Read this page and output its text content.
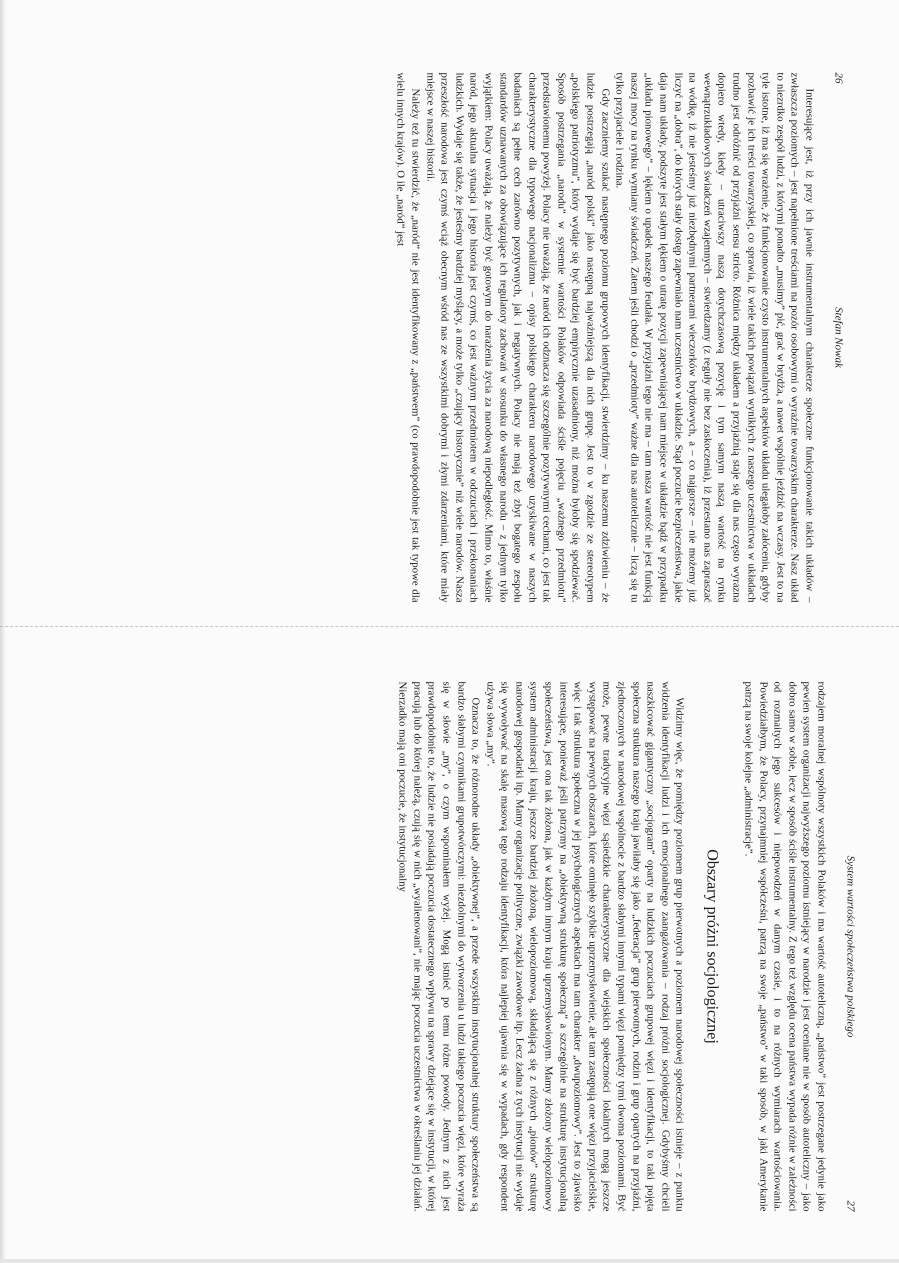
26
Stefan Nowak

Interesujące jest, iż przy ich jawnie instrumentalnym charakterze społeczne funkcjonowanie takich układów – zwłaszcza poziomych – jest napełnione treściami na pozór osobowymi o wyraźnie towarzyskim charakterze. Nasz układ to niezrdko zespół ludzi, z którymi ponadto „musimy” pić, grać w brydża, a nawet wspólnie jeździć na wczasy. Jest to na tyle istotne, iż ma się wrażenie, że funkcjonowanie czysto instrumentalnych aspektów układu ulegałoby załóceniu, gdyby pozbawić je ich treści towarzyskiej, co sprawia, iż wiele takich powiązań wynikłych z naszego uczestnictwa w układach trudno jest odróżnić od przyjaźni sensu stricto. Różnica między układem a przyjaźnią staje się dla nas często wyrazna dopiero wtedy, kiedy – utraciwszy naszą dotychczasową pozycję i tym samym naszą wartość na rynku wewnątrzukładowych świadczeń wzajemnych – stwierdzamy (z reguły nie bez zaskoczenia), iż przestano nas zapraszać na wódkę, iż nie jesteśmy już niezbędnymi partnerami wieczorków brydżowych, a – co najgorsze – nie możemy już liczyć na „dobra”, do których stały dostęp zapewniało nam uczestnictwo w układzie. Stąd poczucie bezpieczeństwa, jakie daja nam układy, podszyte jest stałym lękiem o utratę pozycji zapewniającej nam miejsce w układzie bądź w przypadku „układu pionowego” – lękiem o upadek naszego feudała. W przyjaźni tego nie ma – tam nasza wartość nie jest funkcją naszej mocy na rynku wymiany świadczeń. Zatem jeśli chodzi o „przedmioty” ważne dla nas autotelicznie – liczą się tu tylko przyjaciele i rodzina.

Gdy zaczniemy szukać następnego poziomu grupowych identyfikacji, stwierdzimy – ku naszemu zdziwieniu – że ludzie postrzegają „naród polski” jako następną najważniejszą dla nich grupę. Jest to w zgodzie ze stereotypem „polskiego patriotyzmu”, który wydaje się być bardziej empirycznie uzasadniony, niż można byłoby się spodziewać. Sposób postrzegania „narodu” w systemie wartości Polaków odpowiada ściśle pojęciu „ważnego przedmiotu” przedstawionemu powyżej. Polacy nie uważają, że naród ich odznacza się szczególnie pozytywnymi cechami, co jest tak charakterystyczne dla typowego nacjonalizmu – opisy polskiego charakteru narodowego uzyskiwane w naszych badaniach są pełne cech zarówno pozytywnych, jak i negatywnych. Polacy nie mają też zbyt bogatego zespołu standardów uznawanych za obowiązujące ich regulatory zachowań w stosunku do własnego narodu – z jednym tylko wyjątkiem: Polacy uważają, że należy być gotowym do narażenia życia za narodową niepodległość. Mimo to, właśnie naród, jego aktualna sytuacja i jego historia jest czymś, co jest ważnym przedmiotem w odczuciach i przekonaniach ludzkich. Wydaje się także, że jesteśmy bardziej myślący, a może tylko „czujący historycznie” niż wiele narodów. Nasza przeszłość narodowa jest czymś wciąż obecnym wśród nas ze wszystkimi dobrymi i złymi zdarzeniami, które miały miejsce w naszej historii.

Należy też tu stwierdzić, że „naród” nie jest identyfikowany z „państwem” (co prawdopodobnie jest tak typowe dla wielu innych krajów). O ile „naród” jest

System wartości społeczeństwa polskiego
27

rodzajem moralnej wspólnoty wszystkich Polaków i ma wartość autoteliczną, „państwo” jest postrzegane jedynie jako pewien system organizacji najwyższego poziomu istniejący w narodzie i jest oceniane nie w sposób autoteliczny – jako dobro samo w sobie, lecz w sposób ściśle instrumentalny. Z tego też względu ocena państwa wypada różnie w zależności od rozmaitych jego sukcesów i niepowodzeń w danym czasie, i to na różnych wymiarach wartościowania. Powiedziałbym, że Polacy, przynajmniej współcześni, patrzą na swoje „państwo” w taki sposób, w jaki Amerykanie patrzą na swoje kolejne „administracje”.

Obszary próżni socjologicznej

Widzimy więc, że pomiędzy poziomem grup pierwotnych a poziomem narodowej społeczności istnieje – z punktu widzenia identyfikacji ludzi i ich emocjonalnego zaangażowania – rodzaj próżni socjologicznej. Gdybyśmy chcieli naszkicować gigantyczny „socjogram” oparty na ludzkich poczuciach grupowej więzi i identyfikacji, to taki pojęta społeczna struktura naszego kraju jawiłaby się jako „federacja” grup pierwotnych, rodzin i grup opartych na przyjaźni, zjednoczonych w narodowej wspólnocie z bardzo słabymi innymi typami więzi pomiędzy tymi dwoma poziomami. Być może, pewne tradycyjne więzi sąsiedzkie charakterystyczne dla wiejskich społeczności lokalnych mogą jeszcze występować na pewnych obszarach, które ominęło szybkie uprzemysłowienie, ale tam zastępują one więzi przyjacielskie, więc i tak struktura społeczna w jej psychologicznych aspektach ma tam charakter „dwupoziomowy”. Jest to zjawisko interesujące, ponieważ jeśli patrzymy na „obiektywną strukturę społeczną” a szczególnie na strukturę instytucjonalną społeczeństwa, jest ona tak złożona, jak w każdym innym kraju uprzemysłowionym. Mamy złożony wielopoziomowy system administracji kraju, jeszcze bardziej złożoną, wielopoziomową, składającą się z różnych „pionów” strukturę narodowej gospodarki itp. Mamy organizacje polityczne, związki zawodowe itp. Lecz żadna z tych instytucji nie wydaje się wywoływać na skalę masową tego rodzaju identyfikacji, która najlepiej ujawnia się w wypadach, gdy respondent używa słowa „my”.

Oznacza to, że różnorodne układy „obiektywnej”, a przede wszystkim instytucjonalnej struktury społeczeństwa są bardzo słabymi czynnikami grupotwórczymi: niezdolnymi do wytworzenia u ludzi takiego poczucia więzi, które wyraża się w słowie „my”, o czym wspominałem wyżej. Mogą istnieć po temu różne powody. Jednym z nich jest prawdopodobnie to, że ludzie nie posiadają poczucia dostatecznego wpływu na sprawy dziejące się w instytucji, w której pracują lub do której należą, czują się w nich „wyalienowani”, nie mając poczucia uczestnictwa w określaniu jej działań. Nierzadko mają oni poczucie, że instytucjonalny
